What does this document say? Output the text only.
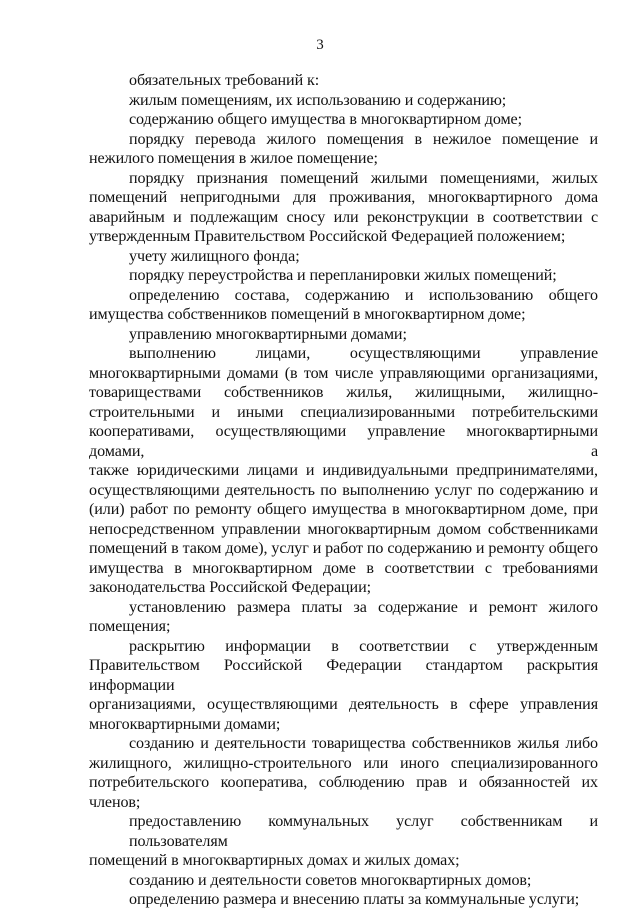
3
обязательных требований к:
жилым помещениям, их использованию и содержанию;
содержанию общего имущества в многоквартирном доме;
порядку перевода жилого помещения в нежилое помещение и
нежилого помещения в жилое помещение;
порядку признания помещений жилыми помещениями, жилых
помещений непригодными для проживания, многоквартирного дома
аварийным и подлежащим сносу или реконструкции в соответствии с
утвержденным Правительством Российской Федерацией положением;
учету жилищного фонда;
порядку переустройства и перепланировки жилых помещений;
определению состава, содержанию и использованию общего
имущества собственников помещений в многоквартирном доме;
управлению многоквартирными домами;
выполнению лицами, осуществляющими управление
многоквартирными домами (в том числе управляющими организациями,
товариществами собственников жилья, жилищными, жилищно-
строительными и иными специализированными потребительскими
кооперативами, осуществляющими управление многоквартирными домами, а
также юридическими лицами и индивидуальными предпринимателями,
осуществляющими деятельность по выполнению услуг по содержанию и
(или) работ по ремонту общего имущества в многоквартирном доме, при
непосредственном управлении многоквартирным домом собственниками
помещений в таком доме), услуг и работ по содержанию и ремонту общего
имущества в многоквартирном доме в соответствии с требованиями
законодательства Российской Федерации;
установлению размера платы за содержание и ремонт жилого
помещения;
раскрытию информации в соответствии с утвержденным
Правительством Российской Федерации стандартом раскрытия информации
организациями, осуществляющими деятельность в сфере управления
многоквартирными домами;
созданию и деятельности товарищества собственников жилья либо
жилищного, жилищно-строительного или иного специализированного
потребительского кооператива, соблюдению прав и обязанностей их членов;
предоставлению коммунальных услуг собственникам и пользователям
помещений в многоквартирных домах и жилых домах;
созданию и деятельности советов многоквартирных домов;
определению размера и внесению платы за коммунальные услуги;
